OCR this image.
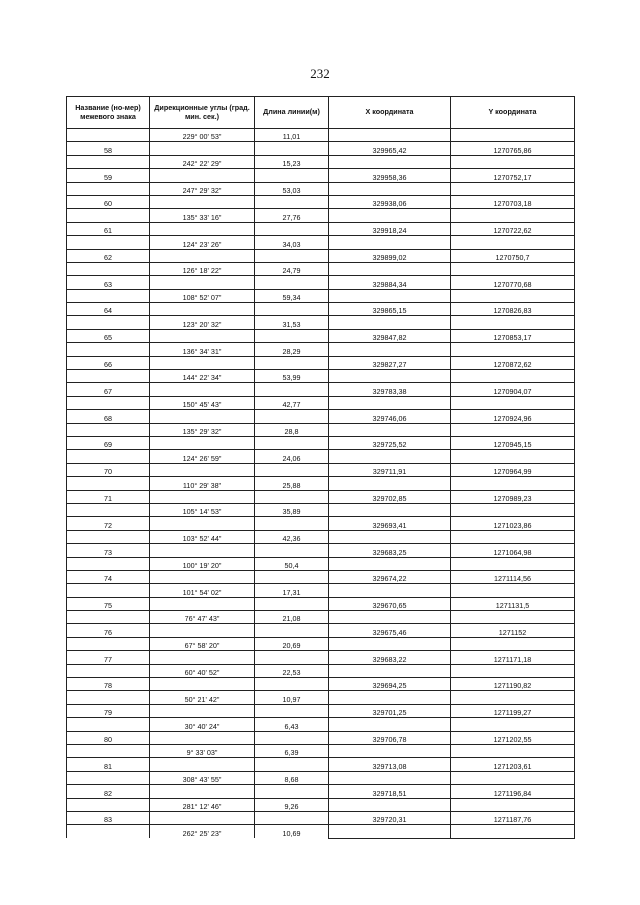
232
Название (но-мер) межевого знака	Дирекционные углы (град. мин. сек.)	Длина линии(м)	X координата	Y координата
	229° 00' 53"	11,01		
58			329965,42	1270765,86
	242° 22' 29"	15,23		
59			329958,36	1270752,17
	247° 29' 32"	53,03		
60			329938,06	1270703,18
	135° 33' 16"	27,76		
61			329918,24	1270722,62
	124° 23' 26"	34,03		
62			329899,02	1270750,7
	126° 18' 22"	24,79		
63			329884,34	1270770,68
	108° 52' 07"	59,34		
64			329865,15	1270826,83
	123° 20' 32"	31,53		
65			329847,82	1270853,17
	136° 34' 31"	28,29		
66			329827,27	1270872,62
	144° 22' 34"	53,99		
67			329783,38	1270904,07
	150° 45' 43"	42,77		
68			329746,06	1270924,96
	135° 29' 32"	28,8		
69			329725,52	1270945,15
	124° 26' 59"	24,06		
70			329711,91	1270964,99
	110° 29' 38"	25,88		
71			329702,85	1270989,23
	105° 14' 53"	35,89		
72			329693,41	1271023,86
	103° 52' 44"	42,36		
73			329683,25	1271064,98
	100° 19' 20"	50,4		
74			329674,22	1271114,56
	101° 54' 02"	17,31		
75			329670,65	1271131,5
	76° 47' 43"	21,08		
76			329675,46	1271152
	67° 58' 20"	20,69		
77			329683,22	1271171,18
	60° 40' 52"	22,53		
78			329694,25	1271190,82
	50° 21' 42"	10,97		
79			329701,25	1271199,27
	30° 40' 24"	6,43		
80			329706,78	1271202,55
	9° 33' 03"	6,39		
81			329713,08	1271203,61
	308° 43' 55"	8,68		
82			329718,51	1271196,84
	281° 12' 46"	9,26		
83			329720,31	1271187,76
	262° 25' 23"	10,69		
